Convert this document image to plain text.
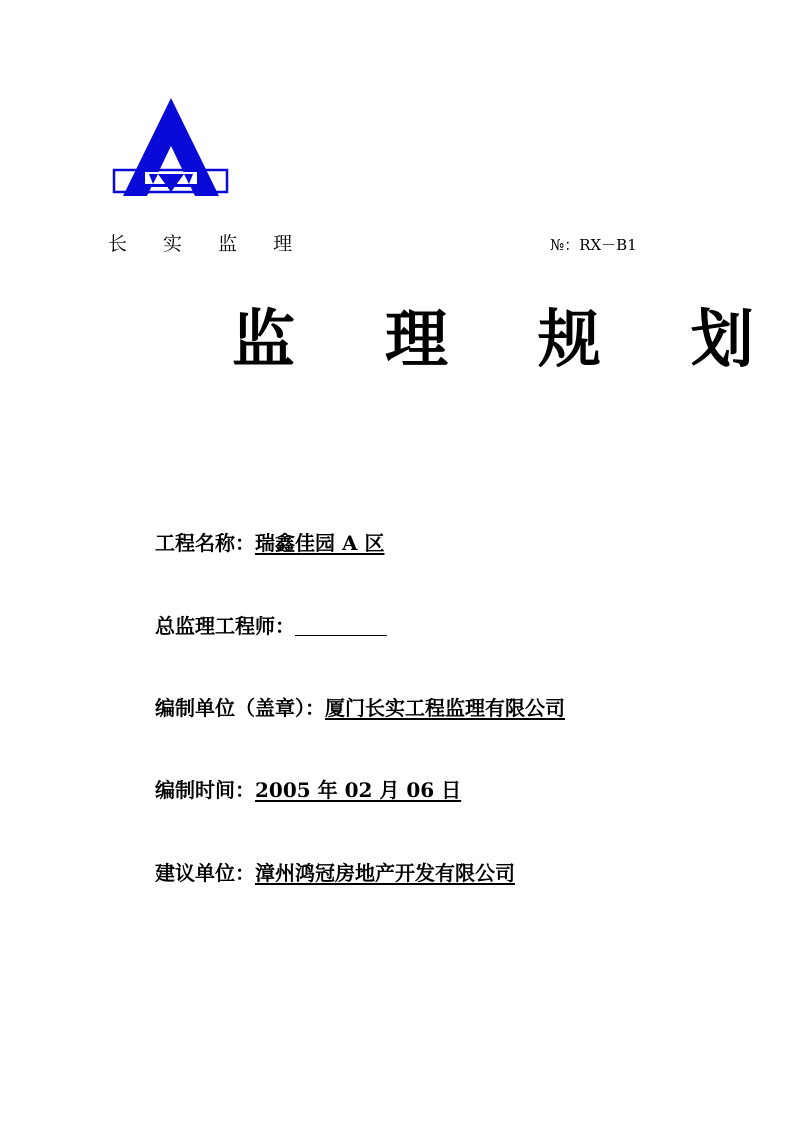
长 实 监 理	№：RX－B1
监 理 规 划
工程名称：瑞鑫佳园 A 区
总监理工程师：
编制单位（盖章）：厦门长实工程监理有限公司
编制时间：2005 年 02 月 06 日
建议单位：漳州鸿冠房地产开发有限公司
